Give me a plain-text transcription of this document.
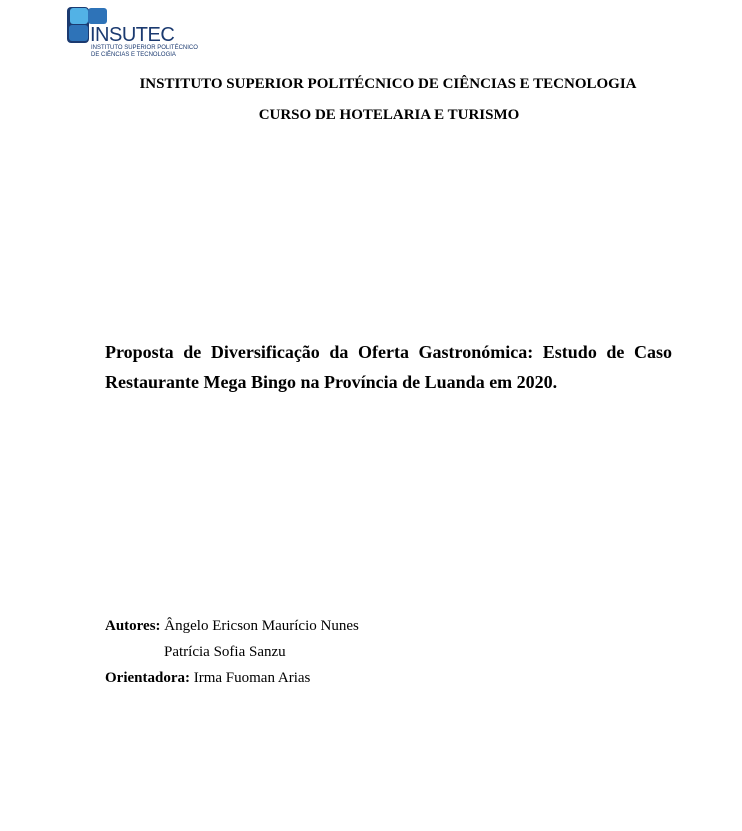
INSUTEC
INSTITUTO SUPERIOR POLITÉCNICO
DE CIÊNCIAS E TECNOLOGIA
INSTITUTO SUPERIOR POLITÉCNICO DE CIÊNCIAS E TECNOLOGIA
CURSO DE HOTELARIA E TURISMO
Proposta de Diversificação da Oferta Gastronómica: Estudo de Caso
Restaurante Mega Bingo na Província de Luanda em 2020.
Autores: Ângelo Ericson Maurício Nunes
Patrícia Sofia Sanzu
Orientadora: Irma Fuoman Arias
